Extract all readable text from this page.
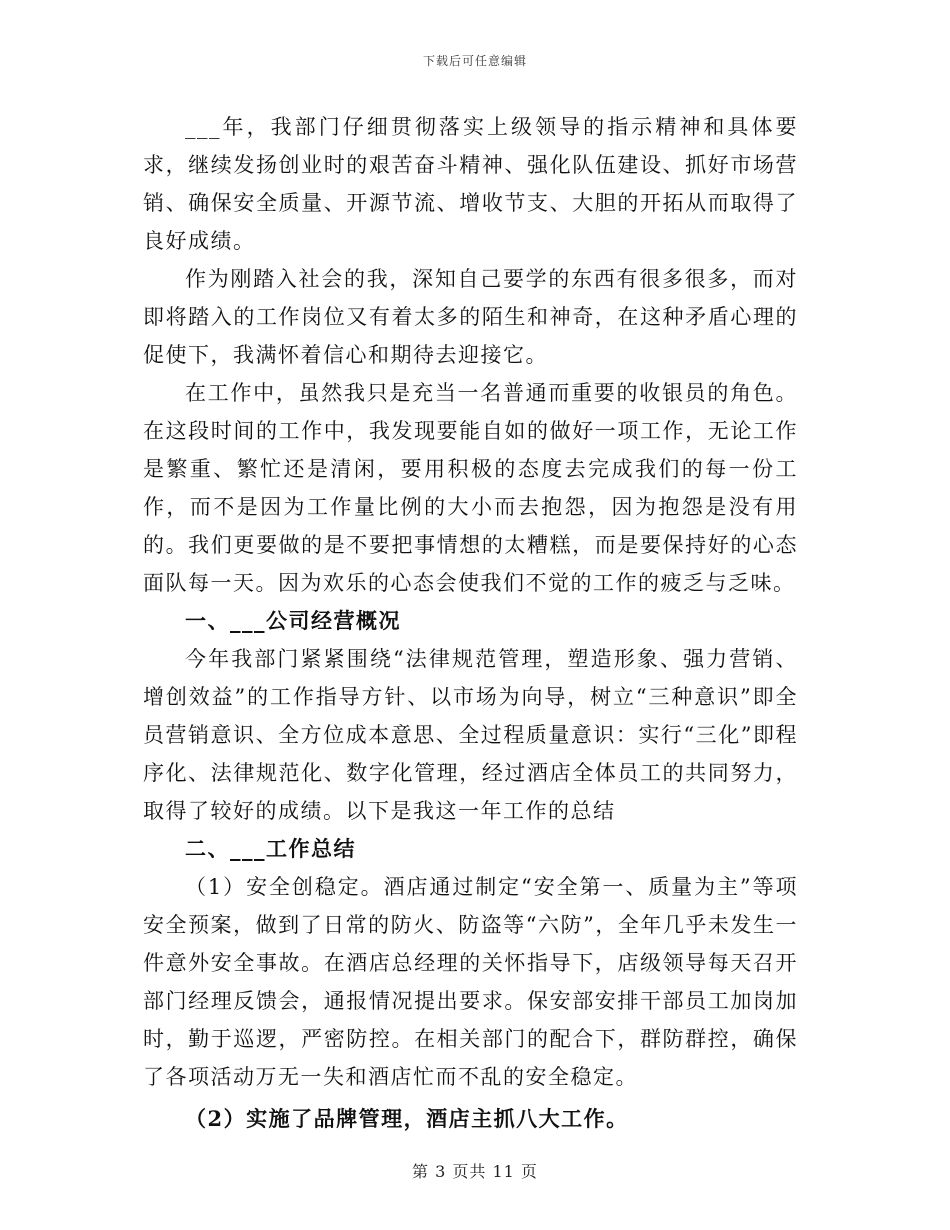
下载后可任意编辑

___年，我部门仔细贯彻落实上级领导的指示精神和具体要求，继续发扬创业时的艰苦奋斗精神、强化队伍建设、抓好市场营销、确保安全质量、开源节流、增收节支、大胆的开拓从而取得了良好成绩。

作为刚踏入社会的我，深知自己要学的东西有很多很多，而对即将踏入的工作岗位又有着太多的陌生和神奇，在这种矛盾心理的促使下，我满怀着信心和期待去迎接它。

在工作中，虽然我只是充当一名普通而重要的收银员的角色。在这段时间的工作中，我发现要能自如的做好一项工作，无论工作是繁重、繁忙还是清闲，要用积极的态度去完成我们的每一份工作，而不是因为工作量比例的大小而去抱怨，因为抱怨是没有用的。我们更要做的是不要把事情想的太糟糕，而是要保持好的心态面队每一天。因为欢乐的心态会使我们不觉的工作的疲乏与乏味。

一、___公司经营概况

今年我部门紧紧围绕“法律规范管理，塑造形象、强力营销、增创效益”的工作指导方针、以市场为向导，树立“三种意识”即全员营销意识、全方位成本意思、全过程质量意识：实行“三化”即程序化、法律规范化、数字化管理，经过酒店全体员工的共同努力，取得了较好的成绩。以下是我这一年工作的总结

二、___工作总结

（1）安全创稳定。酒店通过制定“安全第一、质量为主”等项安全预案，做到了日常的防火、防盗等“六防”，全年几乎未发生一件意外安全事故。在酒店总经理的关怀指导下，店级领导每天召开部门经理反馈会，通报情况提出要求。保安部安排干部员工加岗加时，勤于巡逻，严密防控。在相关部门的配合下，群防群控，确保了各项活动万无一失和酒店忙而不乱的安全稳定。

（2）实施了品牌管理，酒店主抓八大工作。

第 3 页共 11 页
